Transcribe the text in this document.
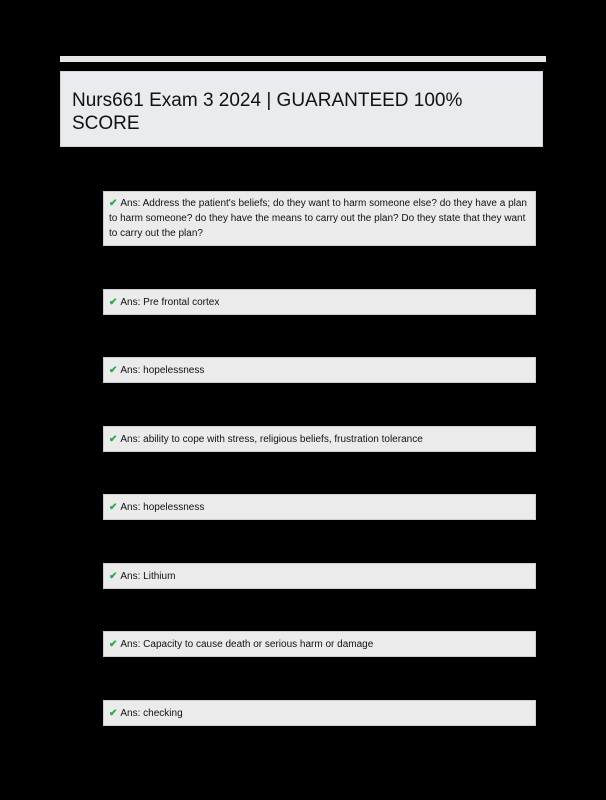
Nurs661 Exam 3 2024 | GUARANTEED 100% SCORE
✔ Ans: Address the patient's beliefs; do they want to harm someone else? do they have a plan to harm someone? do they have the means to carry out the plan? Do they state that they want to carry out the plan?
✔ Ans: Pre frontal cortex
✔ Ans: hopelessness
✔ Ans: ability to cope with stress, religious beliefs, frustration tolerance
✔ Ans: hopelessness
✔ Ans: Lithium
✔ Ans: Capacity to cause death or serious harm or damage
✔ Ans: checking
